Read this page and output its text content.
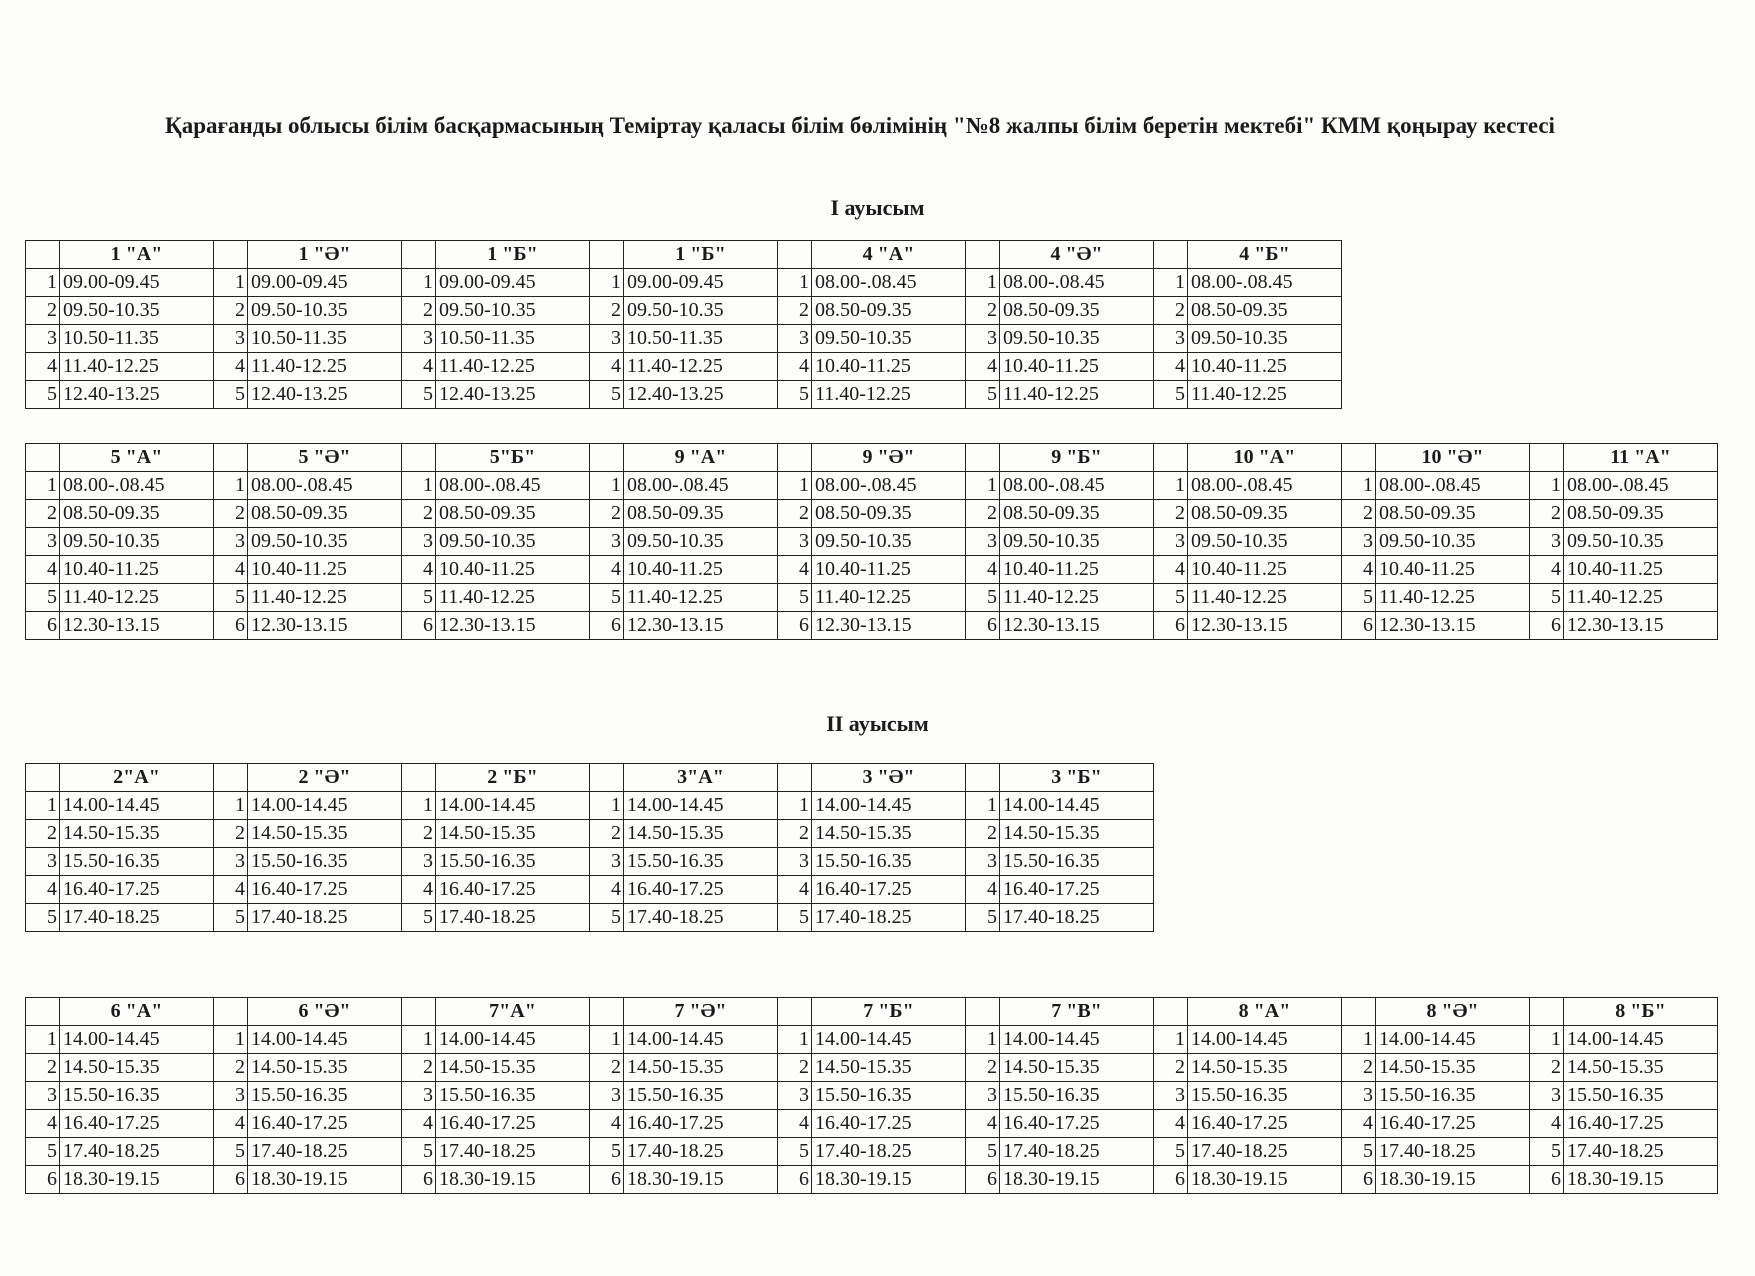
Қарағанды облысы білім басқармасының Теміртау қаласы білім бөлімінің "№8 жалпы білім беретін мектебі" КММ қоңырау кестесі
I ауысым
	1 "А"		1 "Ә"		1 "Б"		1 "Б"		4 "А"		4 "Ә"		4 "Б"
1	09.00-09.45	1	09.00-09.45	1	09.00-09.45	1	09.00-09.45	1	08.00-.08.45	1	08.00-.08.45	1	08.00-.08.45
2	09.50-10.35	2	09.50-10.35	2	09.50-10.35	2	09.50-10.35	2	08.50-09.35	2	08.50-09.35	2	08.50-09.35
3	10.50-11.35	3	10.50-11.35	3	10.50-11.35	3	10.50-11.35	3	09.50-10.35	3	09.50-10.35	3	09.50-10.35
4	11.40-12.25	4	11.40-12.25	4	11.40-12.25	4	11.40-12.25	4	10.40-11.25	4	10.40-11.25	4	10.40-11.25
5	12.40-13.25	5	12.40-13.25	5	12.40-13.25	5	12.40-13.25	5	11.40-12.25	5	11.40-12.25	5	11.40-12.25
	5 "А"		5 "Ә"		5"Б"		9 "А"		9 "Ә"		9 "Б"		10 "А"		10 "Ә"		11 "А"
1	08.00-.08.45	1	08.00-.08.45	1	08.00-.08.45	1	08.00-.08.45	1	08.00-.08.45	1	08.00-.08.45	1	08.00-.08.45	1	08.00-.08.45	1	08.00-.08.45
2	08.50-09.35	2	08.50-09.35	2	08.50-09.35	2	08.50-09.35	2	08.50-09.35	2	08.50-09.35	2	08.50-09.35	2	08.50-09.35	2	08.50-09.35
3	09.50-10.35	3	09.50-10.35	3	09.50-10.35	3	09.50-10.35	3	09.50-10.35	3	09.50-10.35	3	09.50-10.35	3	09.50-10.35	3	09.50-10.35
4	10.40-11.25	4	10.40-11.25	4	10.40-11.25	4	10.40-11.25	4	10.40-11.25	4	10.40-11.25	4	10.40-11.25	4	10.40-11.25	4	10.40-11.25
5	11.40-12.25	5	11.40-12.25	5	11.40-12.25	5	11.40-12.25	5	11.40-12.25	5	11.40-12.25	5	11.40-12.25	5	11.40-12.25	5	11.40-12.25
6	12.30-13.15	6	12.30-13.15	6	12.30-13.15	6	12.30-13.15	6	12.30-13.15	6	12.30-13.15	6	12.30-13.15	6	12.30-13.15	6	12.30-13.15
II ауысым
	2"А"		2 "Ә"		2 "Б"		3"А"		3 "Ә"		3 "Б"
1	14.00-14.45	1	14.00-14.45	1	14.00-14.45	1	14.00-14.45	1	14.00-14.45	1	14.00-14.45
2	14.50-15.35	2	14.50-15.35	2	14.50-15.35	2	14.50-15.35	2	14.50-15.35	2	14.50-15.35
3	15.50-16.35	3	15.50-16.35	3	15.50-16.35	3	15.50-16.35	3	15.50-16.35	3	15.50-16.35
4	16.40-17.25	4	16.40-17.25	4	16.40-17.25	4	16.40-17.25	4	16.40-17.25	4	16.40-17.25
5	17.40-18.25	5	17.40-18.25	5	17.40-18.25	5	17.40-18.25	5	17.40-18.25	5	17.40-18.25
	6 "А"		6 "Ә"		7"А"		7 "Ә"		7 "Б"		7 "В"		8 "А"		8 "Ә"		8 "Б"
1	14.00-14.45	1	14.00-14.45	1	14.00-14.45	1	14.00-14.45	1	14.00-14.45	1	14.00-14.45	1	14.00-14.45	1	14.00-14.45	1	14.00-14.45
2	14.50-15.35	2	14.50-15.35	2	14.50-15.35	2	14.50-15.35	2	14.50-15.35	2	14.50-15.35	2	14.50-15.35	2	14.50-15.35	2	14.50-15.35
3	15.50-16.35	3	15.50-16.35	3	15.50-16.35	3	15.50-16.35	3	15.50-16.35	3	15.50-16.35	3	15.50-16.35	3	15.50-16.35	3	15.50-16.35
4	16.40-17.25	4	16.40-17.25	4	16.40-17.25	4	16.40-17.25	4	16.40-17.25	4	16.40-17.25	4	16.40-17.25	4	16.40-17.25	4	16.40-17.25
5	17.40-18.25	5	17.40-18.25	5	17.40-18.25	5	17.40-18.25	5	17.40-18.25	5	17.40-18.25	5	17.40-18.25	5	17.40-18.25	5	17.40-18.25
6	18.30-19.15	6	18.30-19.15	6	18.30-19.15	6	18.30-19.15	6	18.30-19.15	6	18.30-19.15	6	18.30-19.15	6	18.30-19.15	6	18.30-19.15
